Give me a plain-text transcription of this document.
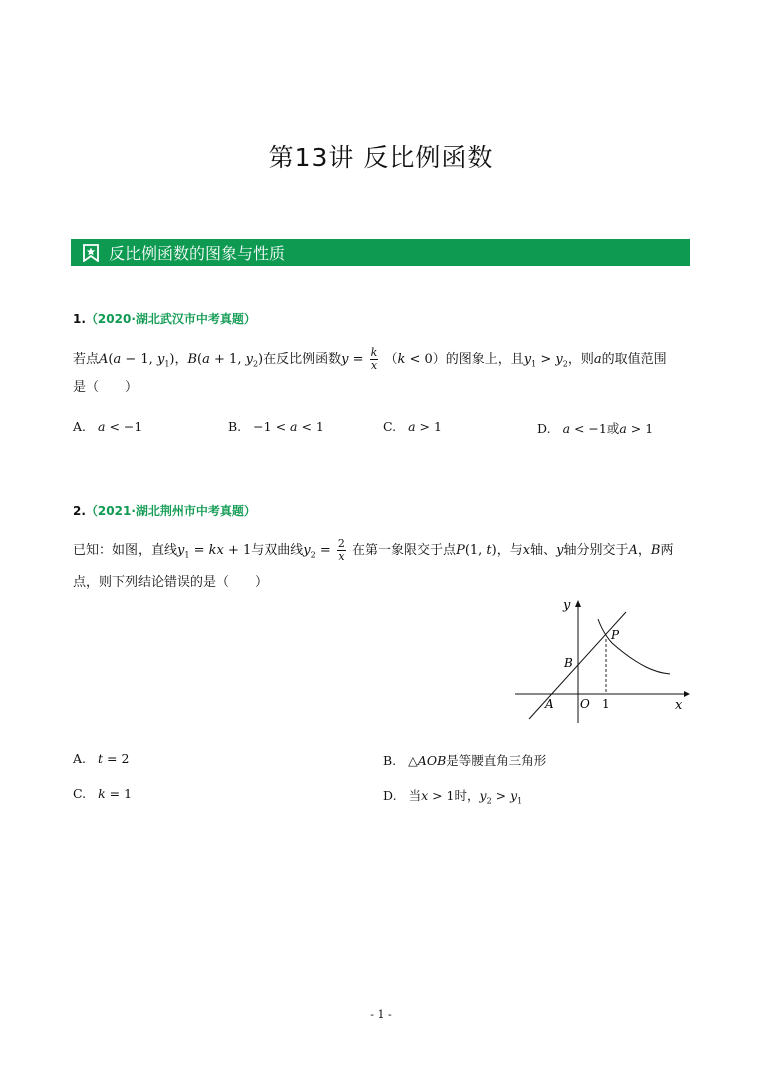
第13讲 反比例函数
反比例函数的图象与性质
1.（2020·湖北武汉市中考真题）
若点A(a − 1, $y_1$)，B(a + 1, $y_2$)在反比例函数$y = \frac{k}{x} (k < 0)$的图象上，且$y_1 > y_2$，则a的取值范围
是（　　）
A. a < −1	B. −1 < a < 1	C. a > 1	D. a < −1或a > 1
2.（2021·湖北荆州市中考真题）
已知：如图，直线$y_1$ = kx + 1与双曲线$y_2 = \frac{2}{x}$ 在第一象限交于点P(1, t)，与x轴、y轴分别交于A，B两
点，则下列结论错误的是（　　）
y
x
P
B
A O 1
A. t = 2	B. △AOB是等腰直角三角形
C. k = 1	D. 当x > 1时，$y_2 > y_1$
- 1 -
